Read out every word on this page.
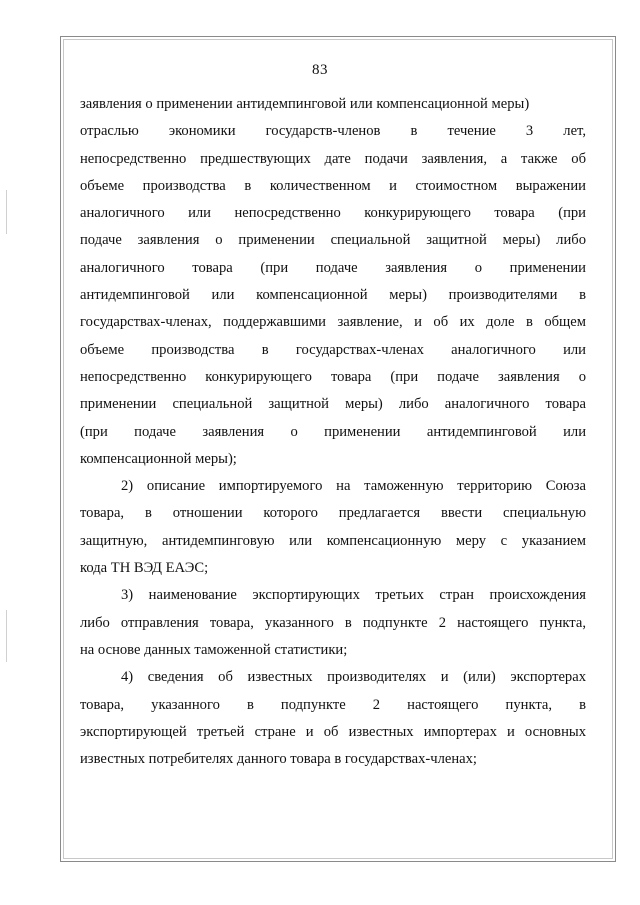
83
заявления о применении антидемпинговой или компенсационной меры)
отраслью экономики государств-членов в течение 3 лет,
непосредственно предшествующих дате подачи заявления, а также об
объеме производства в количественном и стоимостном выражении
аналогичного или непосредственно конкурирующего товара (при
подаче заявления о применении специальной защитной меры) либо
аналогичного товара (при подаче заявления о применении
антидемпинговой или компенсационной меры) производителями в
государствах-членах, поддержавшими заявление, и об их доле в общем
объеме производства в государствах-членах аналогичного или
непосредственно конкурирующего товара (при подаче заявления о
применении специальной защитной меры) либо аналогичного товара
(при подаче заявления о применении антидемпинговой или
компенсационной меры);
2) описание импортируемого на таможенную территорию Союза
товара, в отношении которого предлагается ввести специальную
защитную, антидемпинговую или компенсационную меру с указанием
кода ТН ВЭД ЕАЭС;
3) наименование экспортирующих третьих стран происхождения
либо отправления товара, указанного в подпункте 2 настоящего пункта,
на основе данных таможенной статистики;
4) сведения об известных производителях и (или) экспортерах
товара, указанного в подпункте 2 настоящего пункта, в
экспортирующей третьей стране и об известных импортерах и основных
известных потребителях данного товара в государствах-членах;
